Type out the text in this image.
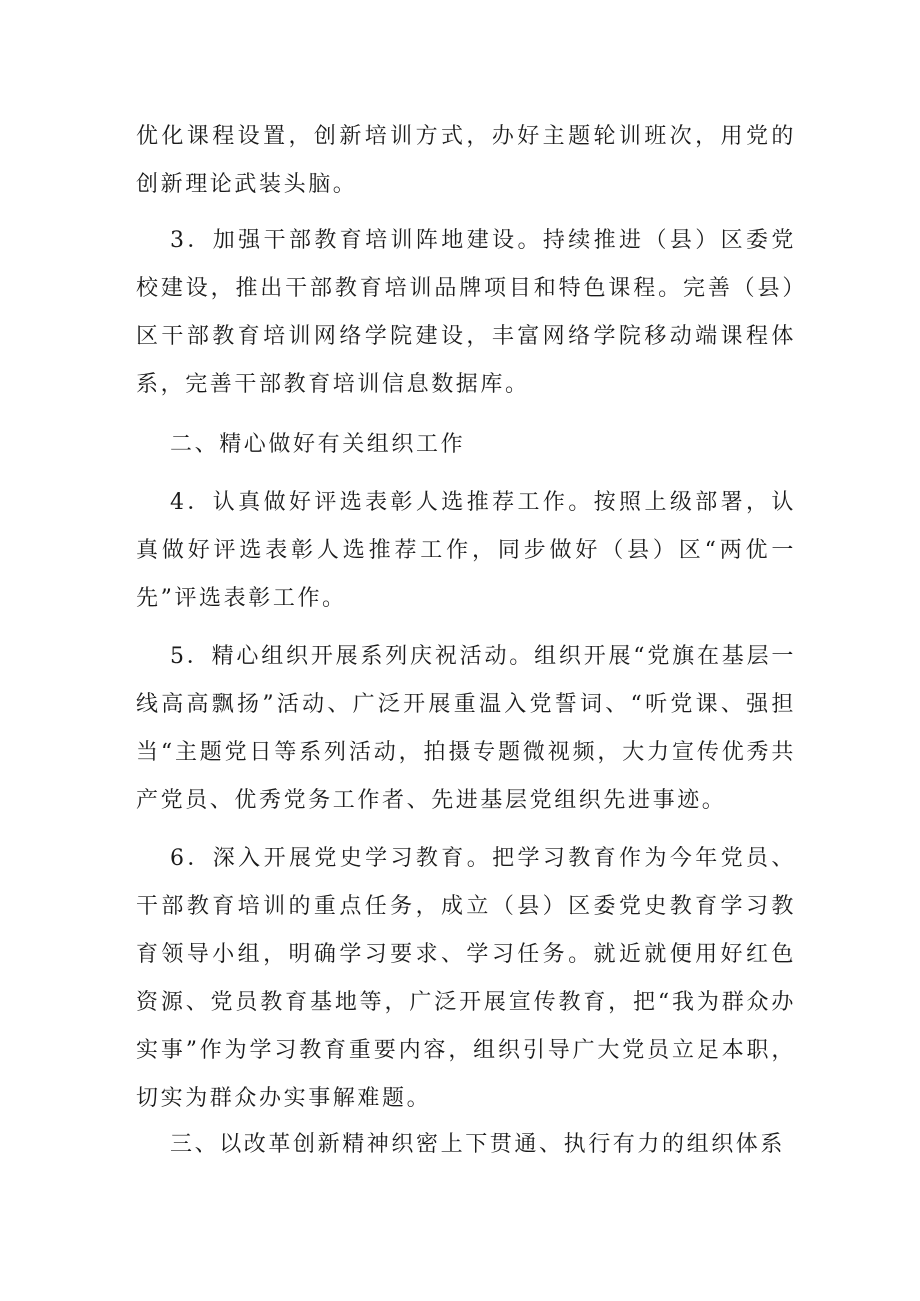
优化课程设置，创新培训方式，办好主题轮训班次，用党的创新理论武装头脑。

3．加强干部教育培训阵地建设。持续推进（县）区委党校建设，推出干部教育培训品牌项目和特色课程。完善（县）区干部教育培训网络学院建设，丰富网络学院移动端课程体系，完善干部教育培训信息数据库。

二、精心做好有关组织工作

4．认真做好评选表彰人选推荐工作。按照上级部署，认真做好评选表彰人选推荐工作，同步做好（县）区“两优一先”评选表彰工作。

5．精心组织开展系列庆祝活动。组织开展“党旗在基层一线高高飘扬”活动、广泛开展重温入党誓词、“听党课、强担当“主题党日等系列活动，拍摄专题微视频，大力宣传优秀共产党员、优秀党务工作者、先进基层党组织先进事迹。

6．深入开展党史学习教育。把学习教育作为今年党员、干部教育培训的重点任务，成立（县）区委党史教育学习教育领导小组，明确学习要求、学习任务。就近就便用好红色资源、党员教育基地等，广泛开展宣传教育，把“我为群众办实事”作为学习教育重要内容，组织引导广大党员立足本职，切实为群众办实事解难题。

三、以改革创新精神织密上下贯通、执行有力的组织体系
